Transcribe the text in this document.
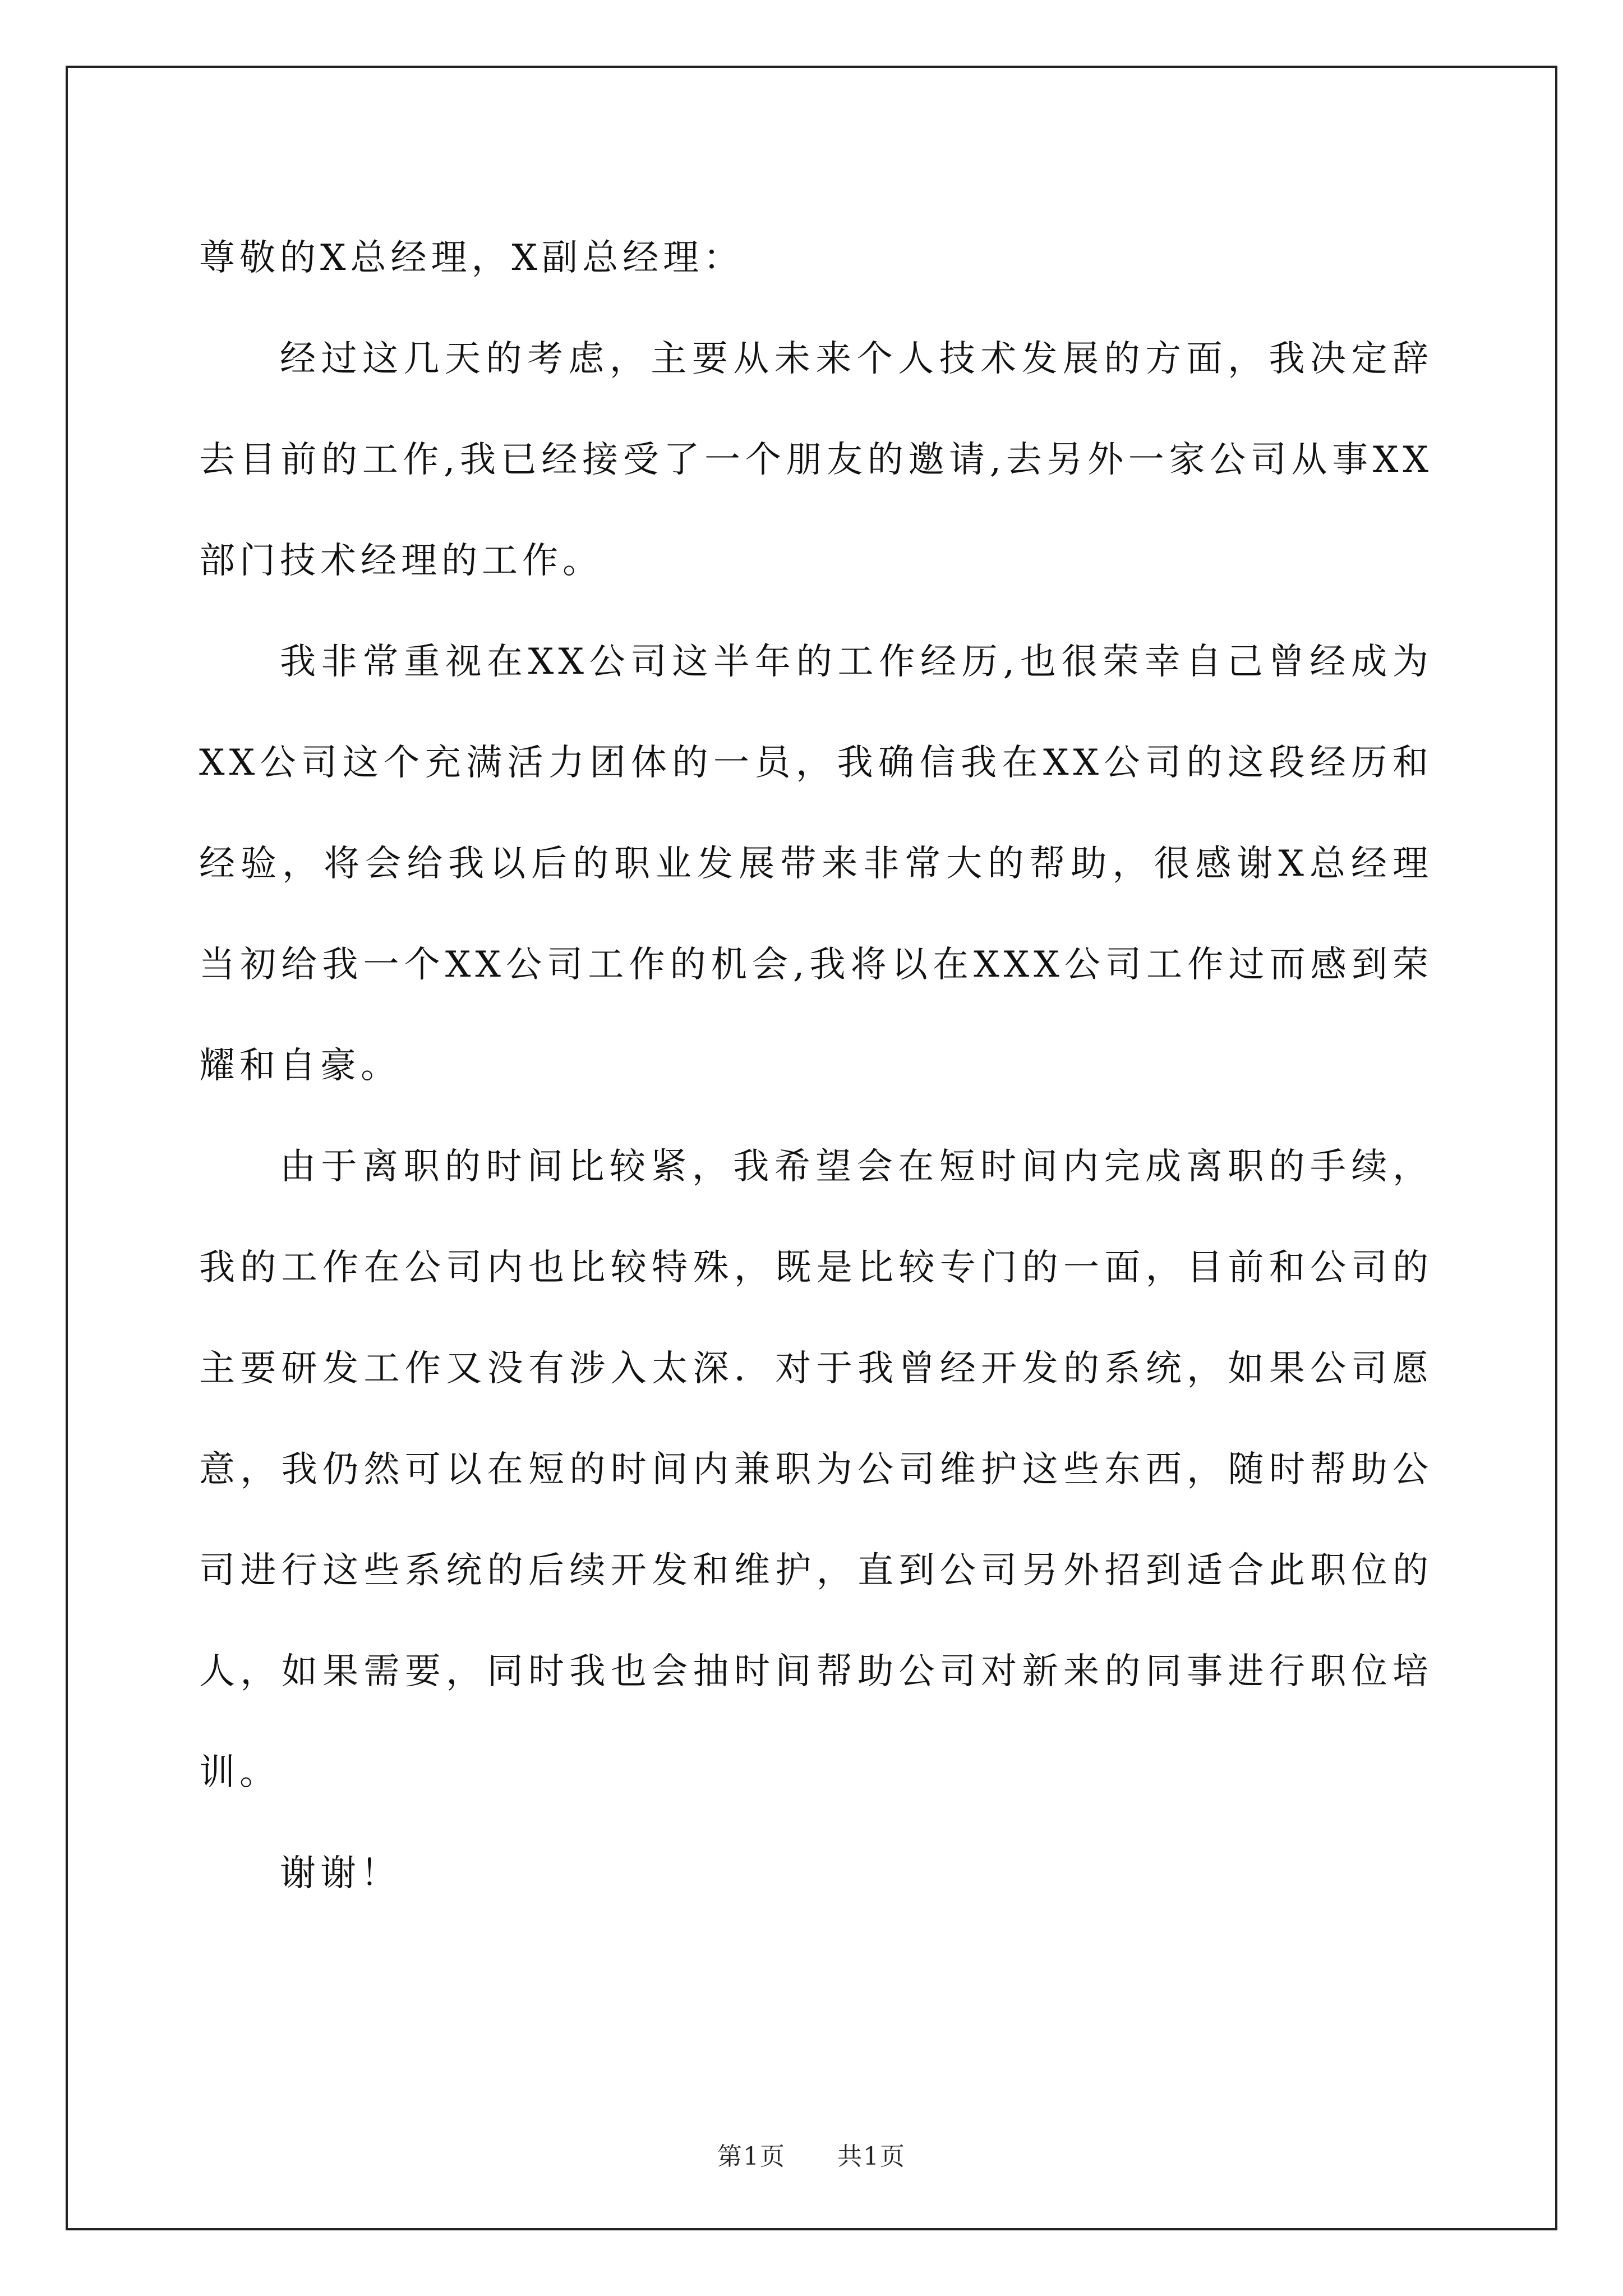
尊敬的X总经理，X副总经理：

经过这几天的考虑，主要从未来个人技术发展的方面，我决定辞去目前的工作,我已经接受了一个朋友的邀请,去另外一家公司从事XX部门技术经理的工作。

我非常重视在XX公司这半年的工作经历,也很荣幸自己曾经成为XX公司这个充满活力团体的一员，我确信我在XX公司的这段经历和经验，将会给我以后的职业发展带来非常大的帮助，很感谢X总经理当初给我一个XX公司工作的机会,我将以在XXX公司工作过而感到荣耀和自豪。

由于离职的时间比较紧，我希望会在短时间内完成离职的手续，我的工作在公司内也比较特殊，既是比较专门的一面，目前和公司的主要研发工作又没有涉入太深．对于我曾经开发的系统，如果公司愿意，我仍然可以在短的时间内兼职为公司维护这些东西，随时帮助公司进行这些系统的后续开发和维护，直到公司另外招到适合此职位的人，如果需要，同时我也会抽时间帮助公司对新来的同事进行职位培训。

谢谢！

第1页 共1页
